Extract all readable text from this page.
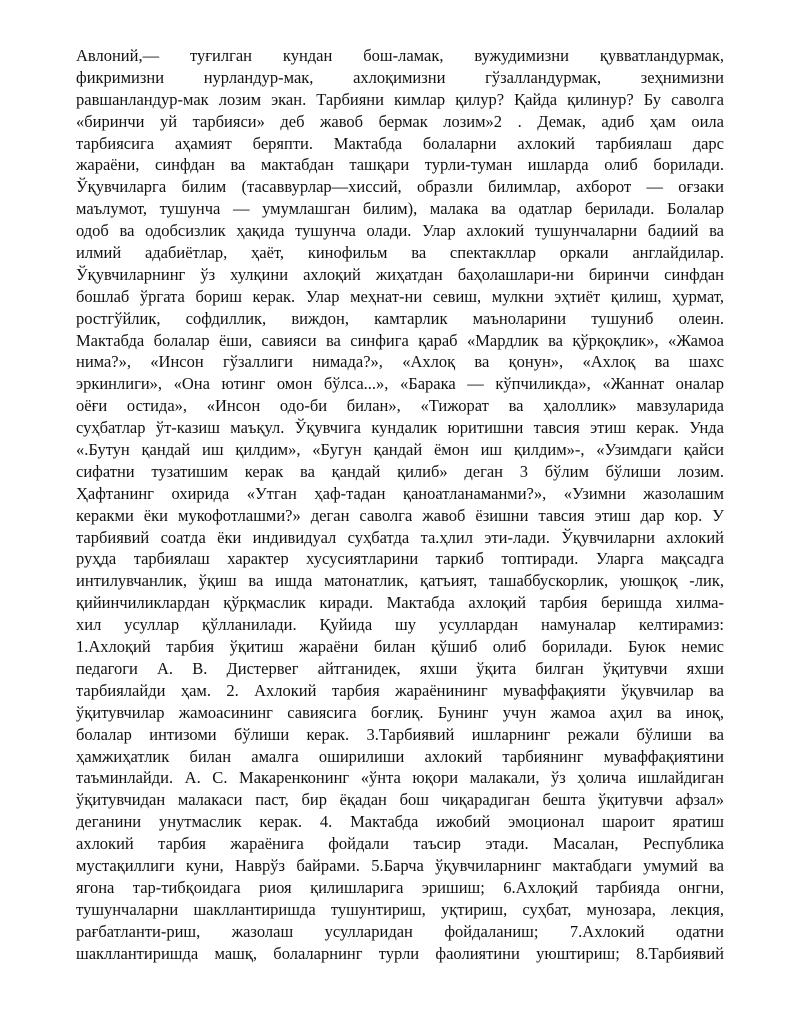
Авлоний,— туғилган кундан бош-ламак, вужудимизни қувватландурмак,
фикримизни нурландур-мак, ахлоқимизни гўзалландурмак, зеҳнимизни
равшанландур-мак лозим экан. Тарбияни кимлар қилур? Қайда қилинур? Бу саволга
«биринчи уй тарбияси» деб жавоб бермак лозим»2 . Демак, адиб ҳам оила
тарбиясига аҳамият беряпти. Мактабда болаларни ахлокий тарбиялаш дарс
жараёни, синфдан ва мактабдан ташқари турли-туман ишларда олиб борилади.
Ўқувчиларга билим (тасаввурлар—хиссий, образли билимлар, ахборот — оғзаки
маълумот, тушунча — умумлашган билим), малака ва одатлар берилади. Болалар
одоб ва одобсизлик ҳақида тушунча олади. Улар ахлокий тушунчаларни бадиий ва
илмий адабиётлар, ҳаёт, кинофильм ва спектакллар оркали англайдилар.
Ўқувчиларнинг ўз хулқини ахлоқий жиҳатдан баҳолашлари-ни биринчи синфдан
бошлаб ўргата бориш керак. Улар меҳнат-ни севиш, мулкни эҳтиёт қилиш, ҳурмат,
ростгўйлик, софдиллик, виждон, камтарлик маъноларини тушуниб олеин.
Мактабда болалар ёши, савияси ва синфига қараб «Мардлик ва қўрқоқлик», «Жамоа
нима?», «Инсон гўзаллиги нимада?», «Ахлоқ ва қонун», «Ахлоқ ва шахс
эркинлиги», «Она ютинг омон бўлса...», «Барака — кўпчиликда», «Жаннат оналар
оёғи остида», «Инсон одо-би билан», «Тижорат ва ҳалоллик» мавзуларида
суҳбатлар ўт-казиш маъқул. Ўқувчига кундалик юритишни тавсия этиш керак. Унда
«.Бутун қандай иш қилдим», «Бугун қандай ёмон иш қилдим»-, «Узимдаги қайси
сифатни тузатишим керак ва қандай қилиб» деган 3 бўлим бўлиши лозим.
Ҳафтанинг охирида «Утган ҳаф-тадан қаноатланаманми?», «Узимни жазолашим
керакми ёки мукофотлашми?» деган саволга жавоб ёзишни тавсия этиш дар кор. У
тарбиявий соатда ёки индивидуал суҳбатда та.ҳлил эти-лади. Ўқувчиларни ахлокий
руҳда тарбиялаш характер хусусиятларини таркиб топтиради. Уларга мақсадга
интилувчанлик, ўқиш ва ишда матонатлик, қатъият, ташаббускорлик, уюшқоқ -лик,
қийинчиликлардан қўрқмаслик киради. Мактабда ахлоқий тарбия беришда хилма-
хил усуллар қўлланилади. Қуйида шу усуллардан намуналар келтирамиз:
1.Ахлоқий тарбия ўқитиш жараёни билан қўшиб олиб борилади. Буюк немис
педагоги А. В. Дистервег айтганидек, яхши ўқита билган ўқитувчи яхши
тарбиялайди ҳам. 2. Ахлокий тарбия жараёнининг муваффақияти ўқувчилар ва
ўқитувчилар жамоасининг савиясига боғлиқ. Бунинг учун жамоа аҳил ва иноқ,
болалар интизоми бўлиши керак. 3.Тарбиявий ишларнинг режали бўлиши ва
ҳамжиҳатлик билан амалга оширилиши ахлокий тарбиянинг муваффақиятини
таъминлайди. А. С. Макаренконинг «ўнта юқори малакали, ўз ҳолича ишлайдиган
ўқитувчидан малакаси паст, бир ёқадан бош чиқарадиган бешта ўқитувчи афзал»
деганини унутмаслик керак. 4. Мактабда ижобий эмоционал шароит яратиш
ахлокий тарбия жараёнига фойдали таъсир этади. Масалан, Республика
мустақиллиги куни, Наврўз байрами. 5.Барча ўқувчиларнинг мактабдаги умумий ва
ягона тар-тибқоидага риоя қилишларига эришиш; 6.Ахлоқий тарбияда онгни,
тушунчаларни шакллантиришда тушунтириш, уқтириш, суҳбат, мунозара, лекция,
рағбатланти-риш, жазолаш усулларидан фойдаланиш; 7.Ахлокий одатни
шакллантиришда машқ, болаларнинг турли фаолиятини уюштириш; 8.Тарбиявий
